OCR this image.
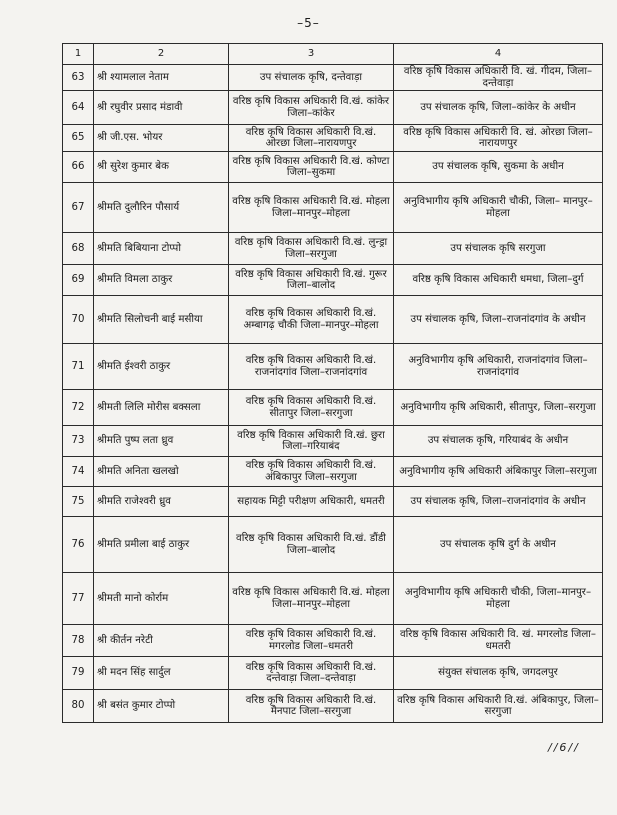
–5–
1	2	3	4
63	श्री श्यामलाल नेताम	उप संचालक कृषि, दन्तेवाड़ा	वरिष्ठ कृषि विकास अधिकारी वि. खं. गीदम, जिला–दन्तेवाड़ा
64	श्री रघुवीर प्रसाद मंडावी	वरिष्ठ कृषि विकास अधिकारी वि.खं. कांकेर जिला–कांकेर	उप संचालक कृषि, जिला–कांकेर के अधीन
65	श्री जी.एस. भोयर	वरिष्ठ कृषि विकास अधिकारी वि.खं. ओरछा जिला–नारायणपुर	वरिष्ठ कृषि विकास अधिकारी वि. खं. ओरछा जिला–नारायणपुर
66	श्री सुरेश कुमार बेक	वरिष्ठ कृषि विकास अधिकारी वि.खं. कोण्टा जिला–सुकमा	उप संचालक कृषि, सुकमा के अधीन
67	श्रीमति दुलौरिन पौसार्य	वरिष्ठ कृषि विकास अधिकारी वि.खं. मोहला जिला–मानपुर–मोहला	अनुविभागीय कृषि अधिकारी चौकी, जिला– मानपुर–मोहला
68	श्रीमति बिबियाना टोप्पो	वरिष्ठ कृषि विकास अधिकारी वि.खं. लुन्ड्रा जिला–सरगुजा	उप संचालक कृषि सरगुजा
69	श्रीमति विमला ठाकुर	वरिष्ठ कृषि विकास अधिकारी वि.खं. गुरूर जिला–बालोद	वरिष्ठ कृषि विकास अधिकारी धमधा, जिला–दुर्ग
70	श्रीमति सिलोचनी बाई मसीया	वरिष्ठ कृषि विकास अधिकारी वि.खं. अम्बागढ़ चौकी जिला–मानपुर–मोहला	उप संचालक कृषि, जिला–राजनांदगांव के अधीन
71	श्रीमति ईश्वरी ठाकुर	वरिष्ठ कृषि विकास अधिकारी वि.खं. राजनांदगांव जिला–राजनांदगांव	अनुविभागीय कृषि अधिकारी, राजनांदगांव जिला–राजनांदगांव
72	श्रीमती लिलि मोरीस बक्सला	वरिष्ठ कृषि विकास अधिकारी वि.खं. सीतापुर जिला–सरगुजा	अनुविभागीय कृषि अधिकारी, सीतापुर, जिला–सरगुजा
73	श्रीमति पुष्प लता ध्रुव	वरिष्ठ कृषि विकास अधिकारी वि.खं. छुरा जिला–गरियाबंद	उप संचालक कृषि, गरियाबंद के अधीन
74	श्रीमति अनिता खलखो	वरिष्ठ कृषि विकास अधिकारी वि.खं. अंबिकापुर जिला–सरगुजा	अनुविभागीय कृषि अधिकारी अंबिकापुर जिला–सरगुजा
75	श्रीमति राजेश्वरी ध्रुव	सहायक मिट्टी परीक्षण अधिकारी, धमतरी	उप संचालक कृषि, जिला–राजनांदगांव के अधीन
76	श्रीमति प्रमीला बाई ठाकुर	वरिष्ठ कृषि विकास अधिकारी वि.खं. डौंडी जिला–बालोद	उप संचालक कृषि दुर्ग के अधीन
77	श्रीमती मानो कोर्राम	वरिष्ठ कृषि विकास अधिकारी वि.खं. मोहला जिला–मानपुर–मोहला	अनुविभागीय कृषि अधिकारी चौकी, जिला–मानपुर–मोहला
78	श्री कीर्तन नरेटी	वरिष्ठ कृषि विकास अधिकारी वि.खं. मगरलोड जिला–धमतरी	वरिष्ठ कृषि विकास अधिकारी वि. खं. मगरलोड जिला–धमतरी
79	श्री मदन सिंह सार्दुल	वरिष्ठ कृषि विकास अधिकारी वि.खं. दन्तेवाड़ा जिला–दन्तेवाड़ा	संयुक्त संचालक कृषि, जगदलपुर
80	श्री बसंत कुमार टोप्पो	वरिष्ठ कृषि विकास अधिकारी वि.खं. मैनपाट जिला–सरगुजा	वरिष्ठ कृषि विकास अधिकारी वि.खं. अंबिकापुर, जिला–सरगुजा
//6//
